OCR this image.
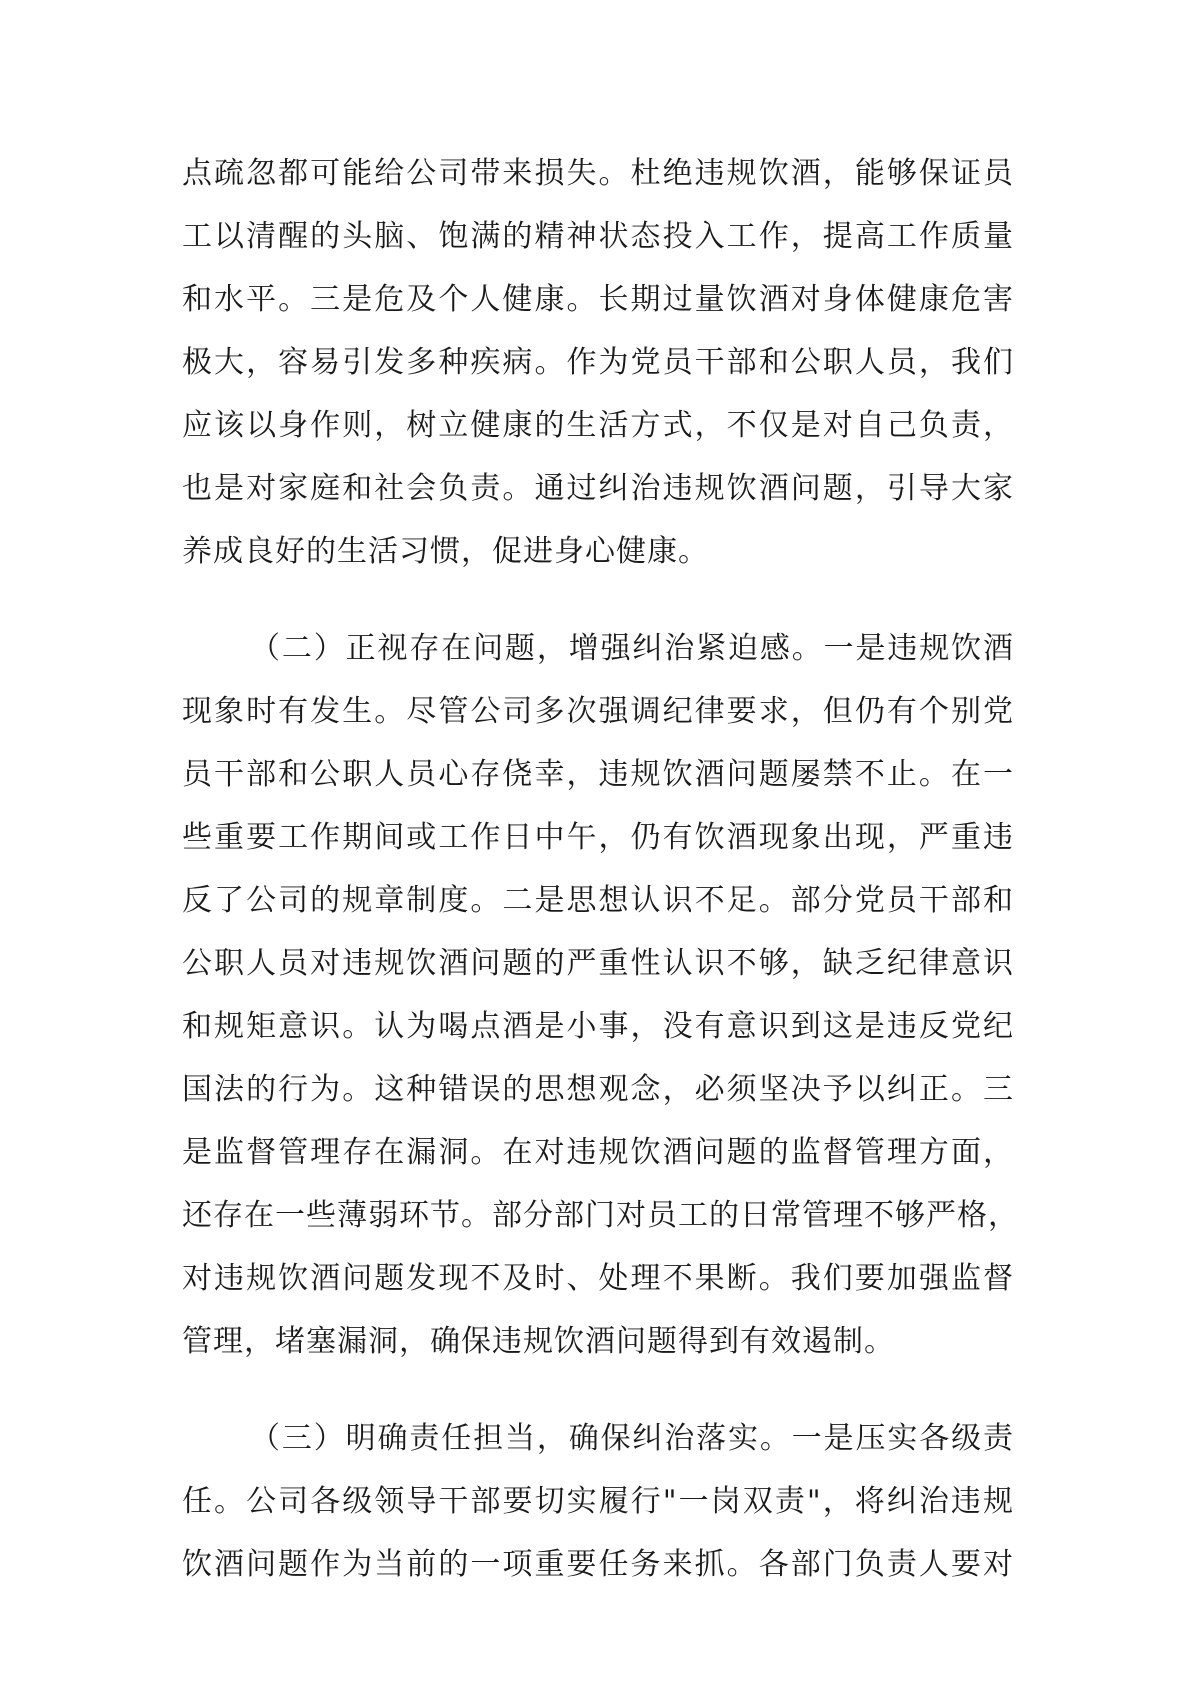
点疏忽都可能给公司带来损失。杜绝违规饮酒，能够保证员
工以清醒的头脑、饱满的精神状态投入工作，提高工作质量
和水平。三是危及个人健康。长期过量饮酒对身体健康危害
极大，容易引发多种疾病。作为党员干部和公职人员，我们
应该以身作则，树立健康的生活方式，不仅是对自己负责，
也是对家庭和社会负责。通过纠治违规饮酒问题，引导大家
养成良好的生活习惯，促进身心健康。
（二）正视存在问题，增强纠治紧迫感。一是违规饮酒
现象时有发生。尽管公司多次强调纪律要求，但仍有个别党
员干部和公职人员心存侥幸，违规饮酒问题屡禁不止。在一
些重要工作期间或工作日中午，仍有饮酒现象出现，严重违
反了公司的规章制度。二是思想认识不足。部分党员干部和
公职人员对违规饮酒问题的严重性认识不够，缺乏纪律意识
和规矩意识。认为喝点酒是小事，没有意识到这是违反党纪
国法的行为。这种错误的思想观念，必须坚决予以纠正。三
是监督管理存在漏洞。在对违规饮酒问题的监督管理方面，
还存在一些薄弱环节。部分部门对员工的日常管理不够严格，
对违规饮酒问题发现不及时、处理不果断。我们要加强监督
管理，堵塞漏洞，确保违规饮酒问题得到有效遏制。
（三）明确责任担当，确保纠治落实。一是压实各级责
任。公司各级领导干部要切实履行"一岗双责"，将纠治违规
饮酒问题作为当前的一项重要任务来抓。各部门负责人要对
